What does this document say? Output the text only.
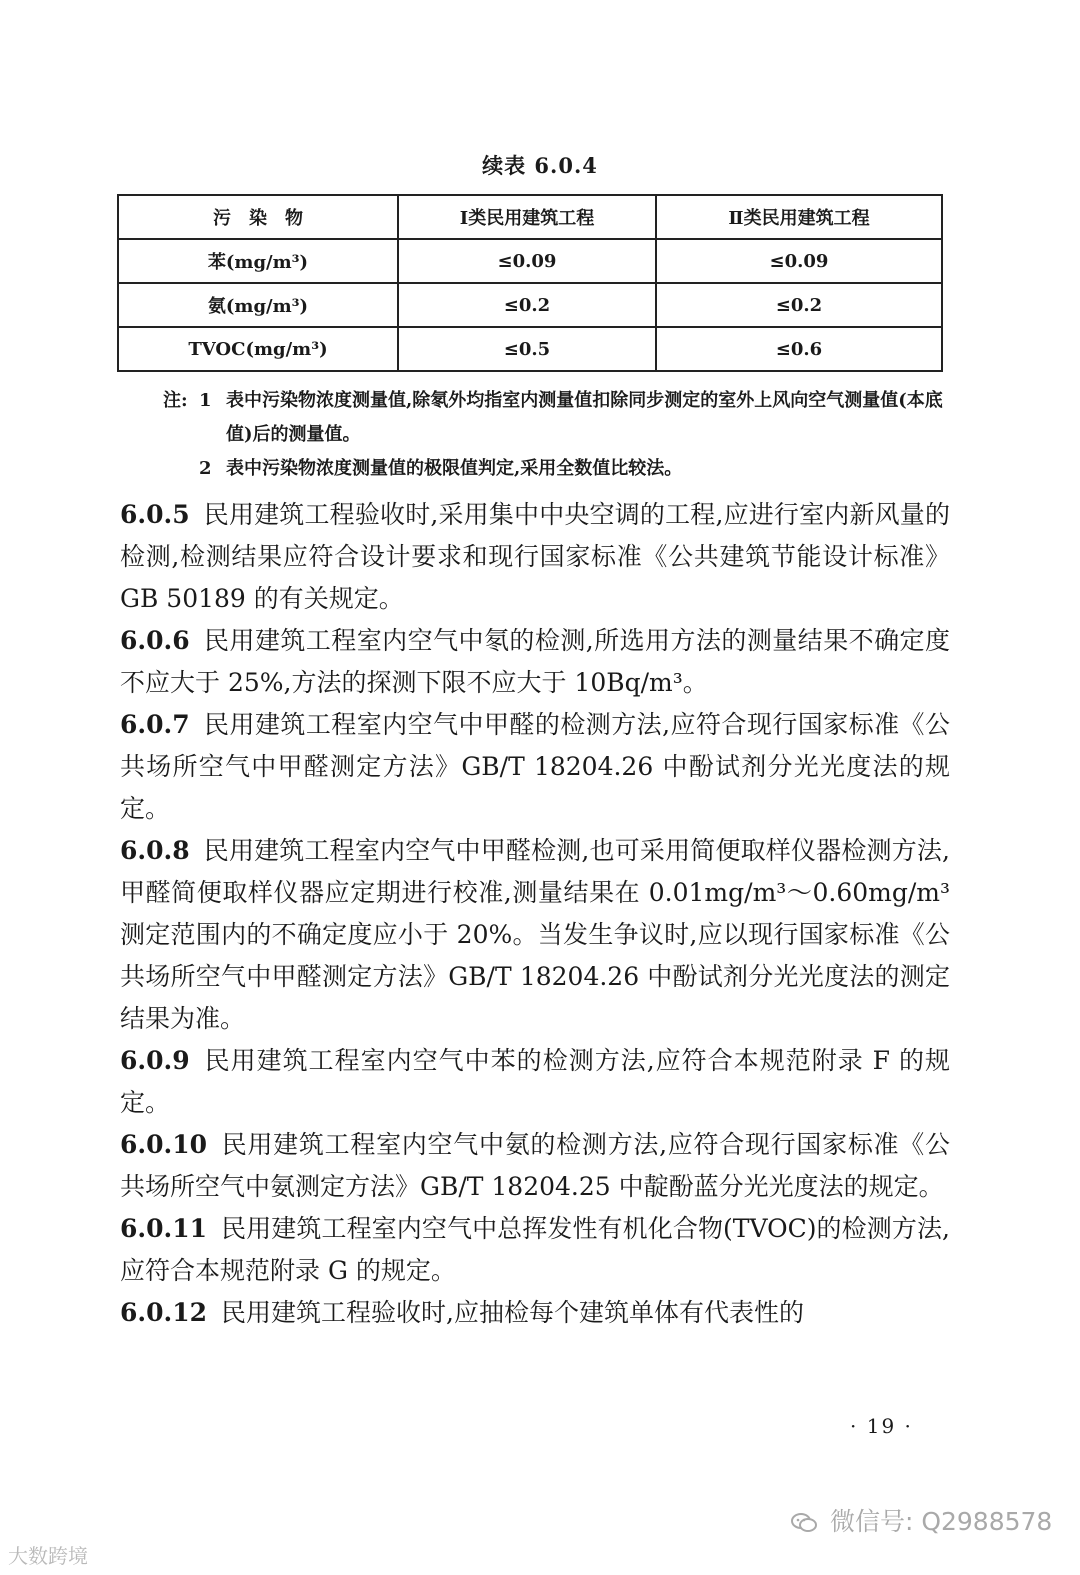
续表 6.0.4
污　染　物	Ⅰ类民用建筑工程	Ⅱ类民用建筑工程
苯(mg/m³)	≤0.09	≤0.09
氨(mg/m³)	≤0.2	≤0.2
TVOC(mg/m³)	≤0.5	≤0.6
注: 1 表中污染物浓度测量值,除氡外均指室内测量值扣除同步测定的室外上风向空气测量值(本底值)后的测量值。
2 表中污染物浓度测量值的极限值判定,采用全数值比较法。

6.0.5 民用建筑工程验收时,采用集中中央空调的工程,应进行室内新风量的检测,检测结果应符合设计要求和现行国家标准《公共建筑节能设计标准》GB 50189 的有关规定。

6.0.6 民用建筑工程室内空气中氡的检测,所选用方法的测量结果不确定度不应大于 25%,方法的探测下限不应大于 10Bq/m³。

6.0.7 民用建筑工程室内空气中甲醛的检测方法,应符合现行国家标准《公共场所空气中甲醛测定方法》GB/T 18204.26 中酚试剂分光光度法的规定。

6.0.8 民用建筑工程室内空气中甲醛检测,也可采用简便取样仪器检测方法,甲醛简便取样仪器应定期进行校准,测量结果在 0.01mg/m³～0.60mg/m³ 测定范围内的不确定度应小于 20%。当发生争议时,应以现行国家标准《公共场所空气中甲醛测定方法》GB/T 18204.26 中酚试剂分光光度法的测定结果为准。

6.0.9 民用建筑工程室内空气中苯的检测方法,应符合本规范附录 F 的规定。

6.0.10 民用建筑工程室内空气中氨的检测方法,应符合现行国家标准《公共场所空气中氨测定方法》GB/T 18204.25 中靛酚蓝分光光度法的规定。

6.0.11 民用建筑工程室内空气中总挥发性有机化合物(TVOC)的检测方法,应符合本规范附录 G 的规定。

6.0.12 民用建筑工程验收时,应抽检每个建筑单体有代表性的

· 19 ·
大数跨境
微信号: Q2988578
